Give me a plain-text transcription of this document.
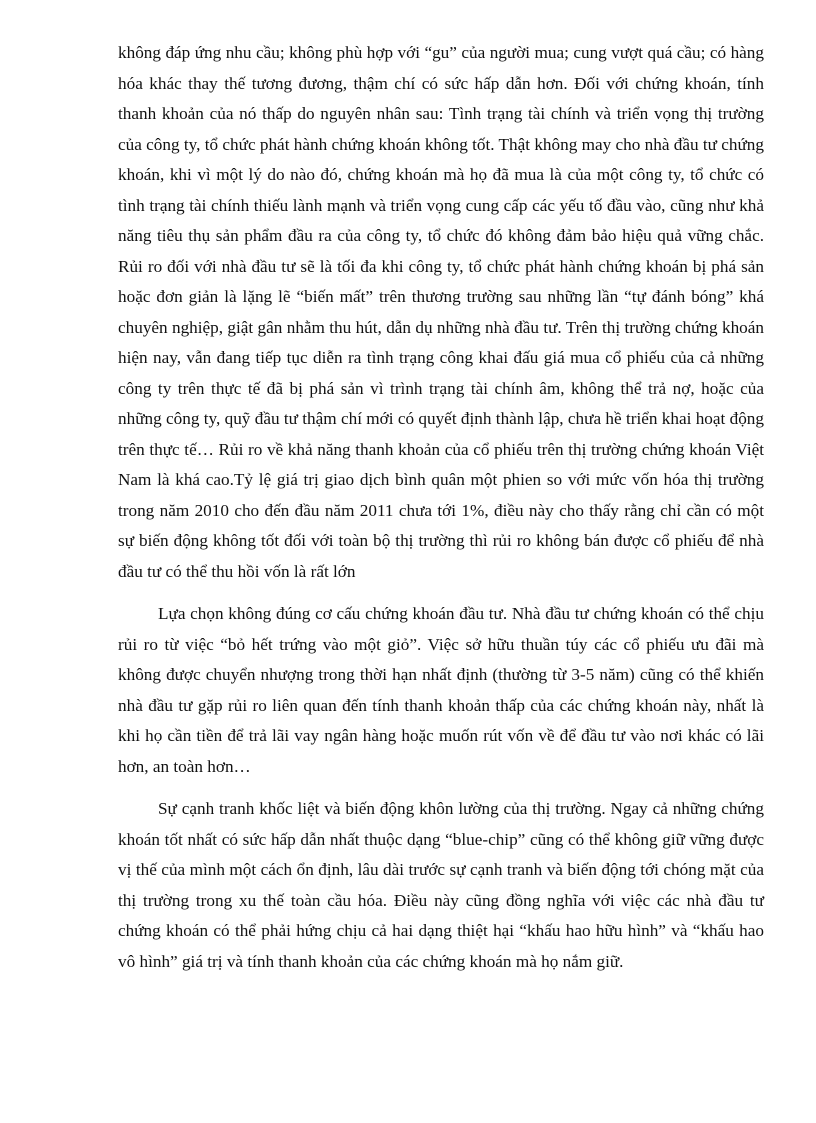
không đáp ứng nhu cầu; không phù hợp với “gu” của người mua; cung vượt quá cầu; có hàng hóa khác thay thế tương đương, thậm chí có sức hấp dẫn hơn. Đối với chứng khoán, tính thanh khoản của nó thấp do nguyên nhân sau: Tình trạng tài chính và triển vọng thị trường của công ty, tổ chức phát hành chứng khoán không tốt. Thật không may cho nhà đầu tư chứng khoán, khi vì một lý do nào đó, chứng khoán mà họ đã mua là của một công ty, tổ chức có tình trạng tài chính thiếu lành mạnh và triển vọng cung cấp các yếu tố đầu vào, cũng như khả năng tiêu thụ sản phẩm đầu ra của công ty, tổ chức đó không đảm bảo hiệu quả vững chắc. Rủi ro đối với nhà đầu tư sẽ là tối đa khi công ty, tổ chức phát hành chứng khoán bị phá sản hoặc đơn giản là lặng lẽ “biến mất” trên thương trường sau những lần “tự đánh bóng” khá chuyên nghiệp, giật gân nhằm thu hút, dẫn dụ những nhà đầu tư. Trên thị trường chứng khoán hiện nay, vẫn đang tiếp tục diễn ra tình trạng công khai đấu giá mua cổ phiếu của cả những công ty trên thực tế đã bị phá sản vì trình trạng tài chính âm, không thể trả nợ, hoặc của những công ty, quỹ đầu tư thậm chí mới có quyết định thành lập, chưa hề triển khai hoạt động trên thực tế… Rủi ro về khả năng thanh khoản của cổ phiếu trên thị trường chứng khoán Việt Nam là khá cao.Tỷ lệ giá trị giao dịch bình quân một phien so với mức vốn hóa thị trường trong năm 2010 cho đến đầu năm 2011 chưa tới 1%, điều này cho thấy rằng chỉ cần có một sự biến động không tốt đối với toàn bộ thị trường thì rủi ro không bán được cổ phiếu để nhà đầu tư có thể thu hồi vốn là rất lớn

Lựa chọn không đúng cơ cấu chứng khoán đầu tư. Nhà đầu tư chứng khoán có thể chịu rủi ro từ việc “bỏ hết trứng vào một giỏ”. Việc sở hữu thuần túy các cổ phiếu ưu đãi mà không được chuyển nhượng trong thời hạn nhất định (thường từ 3-5 năm) cũng có thể khiến nhà đầu tư gặp rủi ro liên quan đến tính thanh khoản thấp của các chứng khoán này, nhất là khi họ cần tiền để trả lãi vay ngân hàng hoặc muốn rút vốn về để đầu tư vào nơi khác có lãi hơn, an toàn hơn…

Sự cạnh tranh khốc liệt và biến động khôn lường của thị trường. Ngay cả những chứng khoán tốt nhất có sức hấp dẫn nhất thuộc dạng “blue-chip” cũng có thể không giữ vững được vị thế của mình một cách ổn định, lâu dài trước sự cạnh tranh và biến động tới chóng mặt của thị trường trong xu thế toàn cầu hóa. Điều này cũng đồng nghĩa với việc các nhà đầu tư chứng khoán có thể phải hứng chịu cả hai dạng thiệt hại “khấu hao hữu hình” và “khấu hao vô hình” giá trị và tính thanh khoản của các chứng khoán mà họ nắm giữ.
